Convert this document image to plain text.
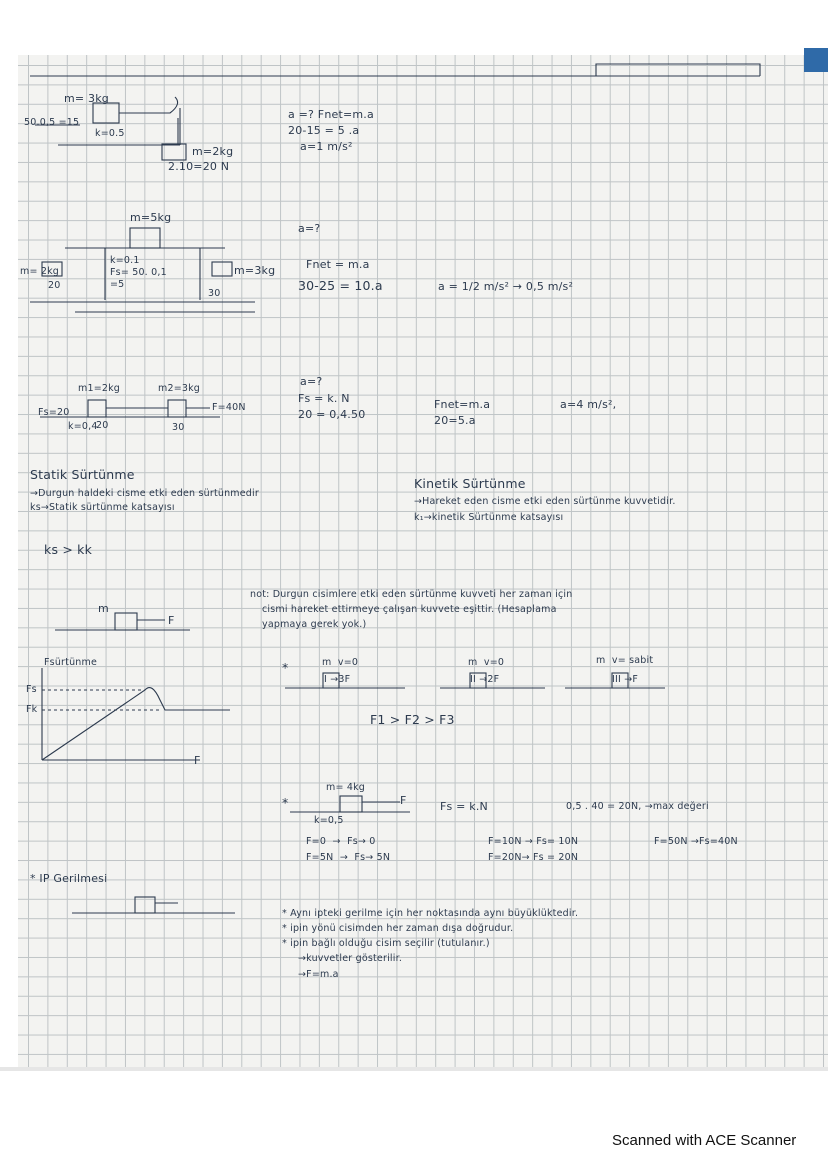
m= 3kg
50.0,5 =15
k=0.5
m=2kg
2.10=20 N
a =? Fnet=m.a
20-15 = 5 .a
a=1 m/s²
m=5kg
k=0.1
Fs= 50. 0,1
=5
m= 2kg
20
30
m=3kg
a=?
Fnet = m.a
30-25 = 10.a	a = 1/2 m/s² → 0,5 m/s²
m1=2kg	m2=3kg
Fs=20
k=0,4
20	30
F=40N
a=?
Fs = k. N
20 = 0,4.50
Fnet=m.a
20=5.a
a=4 m/s²,
Statik Sürtünme
→Durgun haldeki cisme etki eden sürtünmedir
ks→Statik sürtünme katsayısı
Kinetik Sürtünme
→Hareket eden cisme etki eden sürtünme kuvvetidir.
k₁→kinetik Sürtünme katsayısı
ks > kk
m
F
Fsürtünme
Fs
Fk
F
not: Durgun cisimlere etki eden sürtünme kuvveti her zaman için
cismi hareket ettirmeye çalışan kuvvete eşittir. (Hesaplama
yapmaya gerek yok.)
*	m  v=0
I →3F
m  v=0
II →2F
m  v= sabit
III →F
F1 > F2 > F3
*
m= 4kg
k=0,5
F	Fs = k.N	0,5 . 40 = 20N, →max değeri
F=0  →  Fs→ 0
F=5N  →  Fs→ 5N
F=10N → Fs= 10N
F=20N→ Fs = 20N
F=50N →Fs=40N
* IP Gerilmesi
* Aynı ipteki gerilme için her noktasında aynı büyüklüktedir.
* ipin yönü cisimden her zaman dışa doğrudur.
* ipin bağlı olduğu cisim seçilir (tutulanır.)
→kuvvetler gösterilir.
→F=m.a
Scanned with ACE Scanner
